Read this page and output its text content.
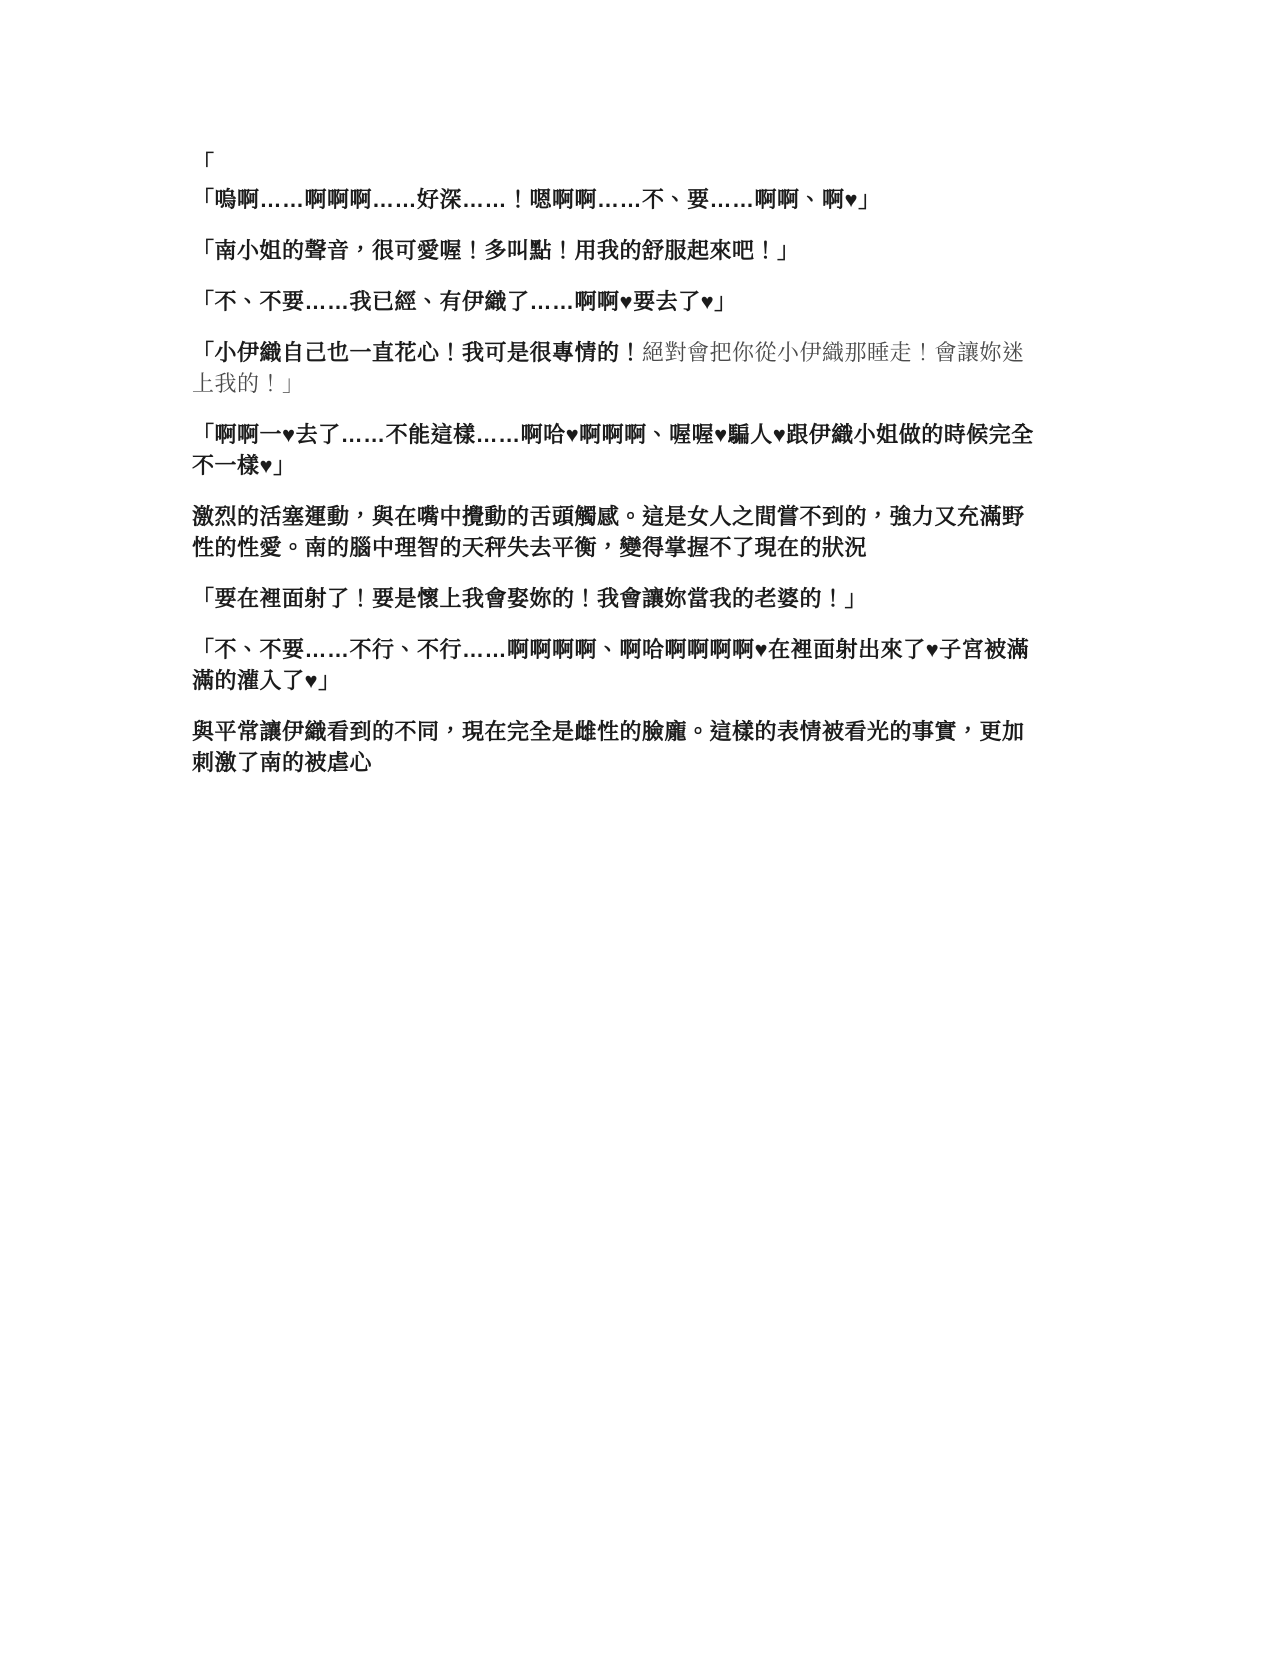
「

「嗚啊……啊啊啊……好深……！嗯啊啊……不、要……啊啊、啊♥」

「南小姐的聲音，很可愛喔！多叫點！用我的舒服起來吧！」

「不、不要……我已經、有伊織了……啊啊♥要去了♥」

「小伊織自己也一直花心！我可是很專情的！絕對會把你從小伊織那睡走！會讓妳迷上我的！」

「啊啊一♥去了……不能這樣……啊哈♥啊啊啊、喔喔♥騙人♥跟伊織小姐做的時候完全不一樣♥」

激烈的活塞運動，與在嘴中攪動的舌頭觸感。這是女人之間嘗不到的，強力又充滿野性的性愛。南的腦中理智的天秤失去平衡，變得掌握不了現在的狀況

「要在裡面射了！要是懷上我會娶妳的！我會讓妳當我的老婆的！」

「不、不要……不行、不行……啊啊啊啊、啊哈啊啊啊啊♥在裡面射出來了♥子宮被滿滿的灌入了♥」

與平常讓伊織看到的不同，現在完全是雌性的臉龐。這樣的表情被看光的事實，更加刺激了南的被虐心
